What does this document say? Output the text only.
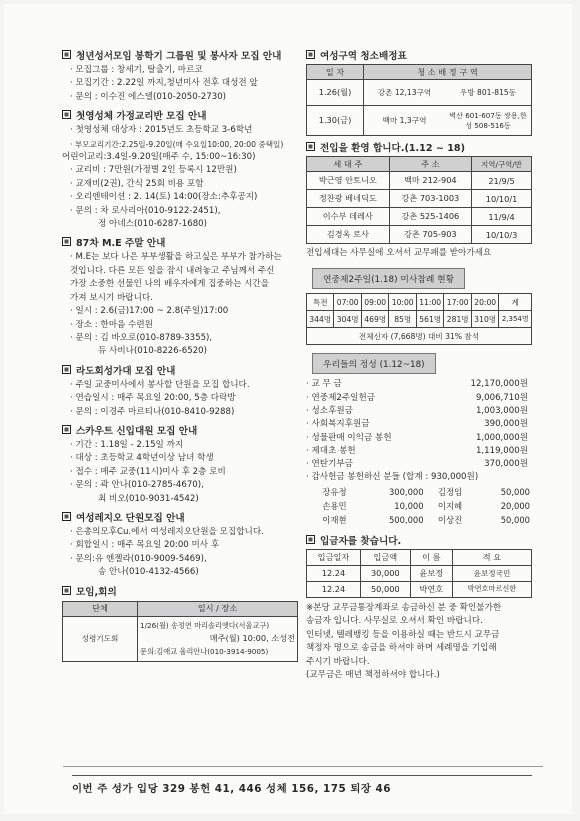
청년성서모임 봉학기 그룹원 및 봉사자 모집 안내
· 모집그룹 : 창세기, 탈출기, 마르코
· 모집기간 : 2.22일 까지,청년미사 전후 대성전 앞
· 문의 : 이수진 에스델(010-2050-2730)
첫영성체 가정교리반 모집 안내
· 첫영성체 대상자 : 2015년도 초등학교 3-6학년
· 부모교리기간:2.25일-9.20일(매 수요일10:00, 20:00 중택일)
어린이교리:3.4일-9.20일(매주 수, 15:00~16:30)
· 교리비 : 7만원(가정별 2인 등록시 12만원)
· 교재비(2권), 간식 25회 비용 포함
· 오리엔테이션 : 2. 14(토) 14:00(장소:추후공지)
· 문의 : 차 로사리아(010-9122-2451),
정 아네스(010-6287-1680)
87차 M.E 주말 안내
· M.E는 보다 나은 부부생활을 하고싶은 부부가 참가하는
것입니다. 다른 모든 일을 잠시 내려놓고 주님께서 주신
가장 소중한 선물인 나의 배우자에게 집중하는 시간을
가져 보시기 바랍니다.
· 일시 : 2.6(금)17:00 ~ 2.8(주일)17:00
· 장소 : 한마음 수련원
· 문의 : 김 바오로(010-8789-3355),
듀 사비나(010-8226-6520)
라도회성가대 모집 안내
· 주일 교중미사에서 봉사할 단원을 모집 합니다.
· 연습일시 : 매주 목요일 20:00, 5층 다락방
· 문의 : 이경주 마르티나(010-8410-9288)
스카우트 신입대원 모집 안내
· 기간 : 1.18일 - 2.15일 까지
· 대상 : 초등학교 4학년이상 남녀 학생
· 접수 : 매주 교중(11시)미사 후 2층 로비
· 문의 : 곽 안나(010-2785-4670),
최 비오(010-9031-4542)
여성레지오 단원모집 안내
· 은총의모후Cu.에서 여성레지오단원을 모집합니다.
· 회합일시 : 매주 목요일 20:00 미사 후
· 문의:유 엔젤라(010-9009-5469),
송 안나(010-4132-4566)
모임,회의
단체	일시 / 장소
성령기도회	1/26(월) 송정연 마리솔리엣다(서울교구)
매주(월) 10:00, 소성전
문의:김애교 율리안나(010-3914-9005)
여성구역 청소배정표
일 자	청 소 배 정 구 역	
1.26(월)	강촌 12,13구역	우방 801-815동
1.30(금)	백마 1,3구역	벽산 601-607동 쌍용,한성 508-516동
전입을 환영 합니다.(1.12 ~ 18)
세 대 주	주 소	지역/구역/반
박근영 안토니오	백마 212-904	21/9/5
정찬광 베네딕도	강촌 703-1003	10/10/1
이수부 데레사	강촌 525-1406	11/9/4
김경옥 로사	강촌 705-903	10/10/3
전입세대는 사무실에 오셔서 교무패를 받아가세요
연중제2주일(1.18) 미사참례 현황
특전	07:00	09:00	10:00	11:00	17:00	20:00	계
344명	304명	469명	85명	561명	281명	310명	2,354명
전체신자 (7,668명) 대비 31% 참석							
우리들의 정성 (1.12~18)
· 교 무 금	12,170,000원
· 연중제2주일헌금	9,006,710원
· 성소후원금	1,003,000원
· 사회복지후원금	390,000원
· 성물판매 이익금 봉헌	1,000,000원
· 제대초 봉헌	1,119,000원
· 연탄기부금	370,000원
· 감사헌금 봉헌하신 분들 (합계 : 930,000원)
장유정	300,000	김정임	50,000
손용민	10,000	이지혜	20,000
이재현	500,000	이상진	50,000
입금자를 찾습니다.
입금일자	입금액	이 름	적 요
12.24	30,000	윤보정	윤보정국민
12.24	50,000	박연호	박연호마르신한
※본당 교무금통장계좌로 송금하신 분 중 확인불가한
송금자 입니다. 사무실로 오셔서 확인 바랍니다.
인터넷, 텔레뱅킹 등을 이용하실 때는 반드시 교무금
책정자 명으로 송금을 하셔야 하며 세례명을 기입해
주시기 바랍니다.
(교무금은 매년 책정하셔야 합니다.)
이번 주 성가 입당 329 봉헌 41, 446 성체 156, 175 퇴장 46
